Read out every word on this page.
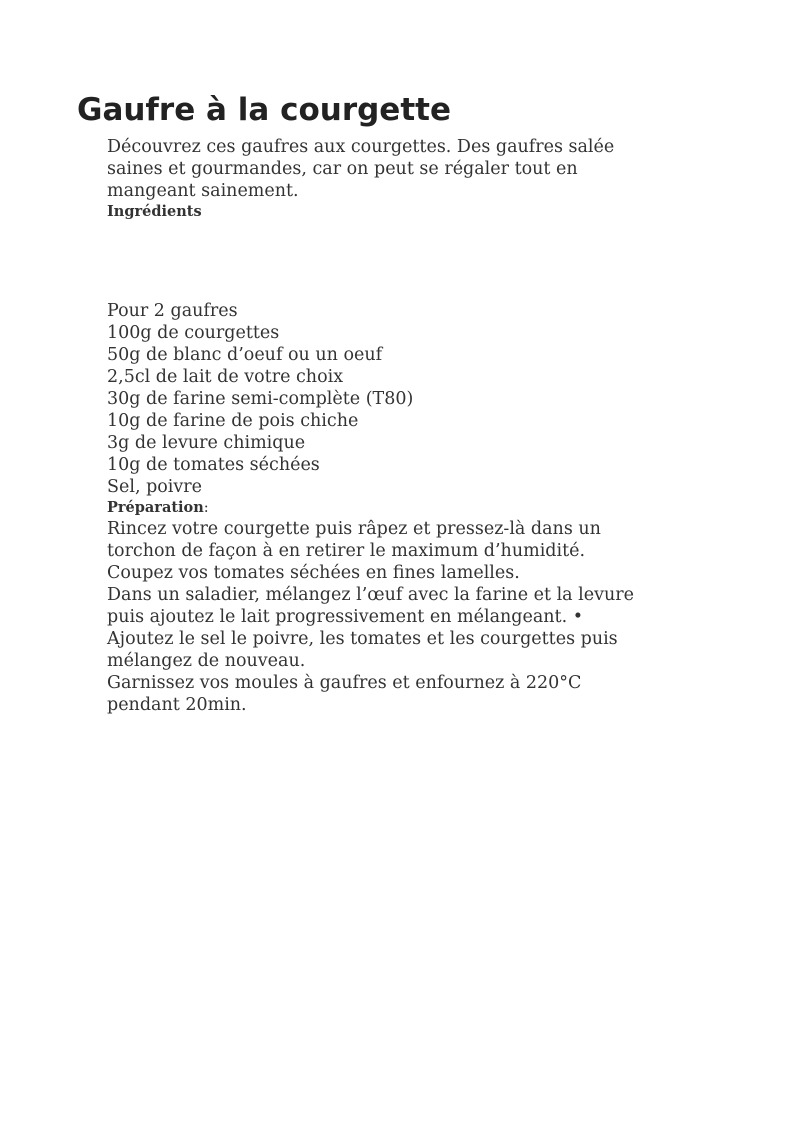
Gaufre à la courgette
Découvrez ces gaufres aux courgettes. Des gaufres salée
saines et gourmandes, car on peut se régaler tout en
mangeant sainement.
Ingrédients
Pour 2 gaufres
100g de courgettes
50g de blanc d’oeuf ou un oeuf
2,5cl de lait de votre choix
30g de farine semi-complète (T80)
10g de farine de pois chiche
3g de levure chimique
10g de tomates séchées
Sel, poivre
Préparation:
Rincez votre courgette puis râpez et pressez-là dans un
torchon de façon à en retirer le maximum d’humidité.
Coupez vos tomates séchées en fines lamelles.
Dans un saladier, mélangez l’œuf avec la farine et la levure
puis ajoutez le lait progressivement en mélangeant. •
Ajoutez le sel le poivre, les tomates et les courgettes puis
mélangez de nouveau.
Garnissez vos moules à gaufres et enfournez à 220°C
pendant 20min.
